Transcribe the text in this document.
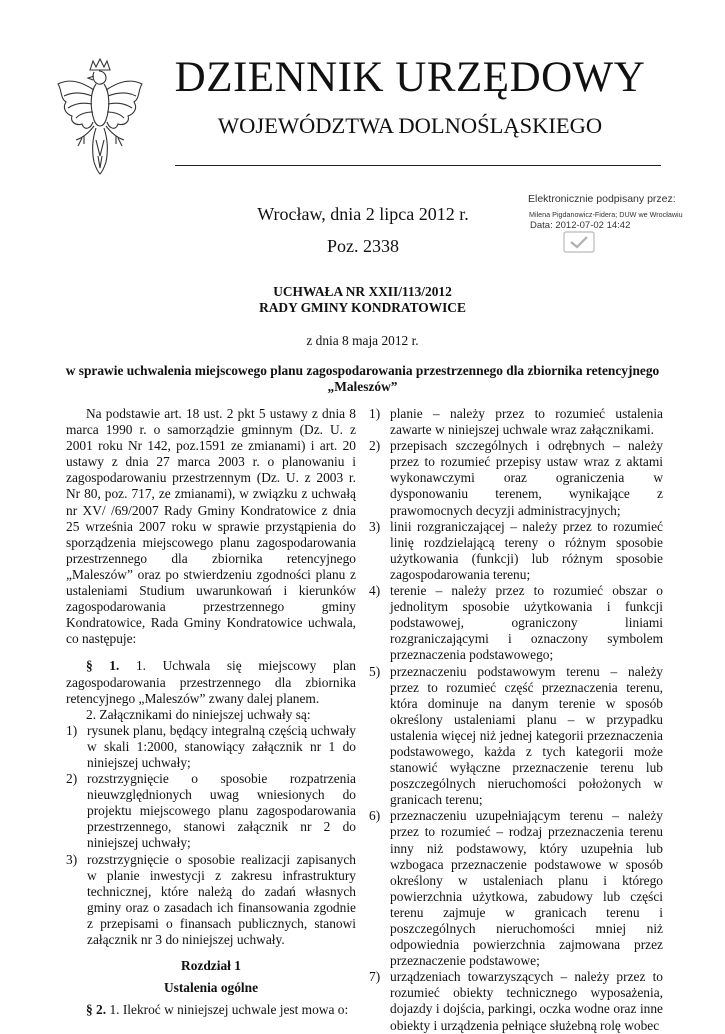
DZIENNIK URZĘDOWY
WOJEWÓDZTWA DOLNOŚLĄSKIEGO
Wrocław, dnia 2 lipca 2012 r.
Poz. 2338
Elektronicznie podpisany przez:
Milena Pigdanowicz-Fidera; DUW we Wrocławiu
Data: 2012-07-02 14:42
UCHWAŁA NR XXII/113/2012
RADY GMINY KONDRATOWICE
z dnia 8 maja 2012 r.
w sprawie uchwalenia miejscowego planu zagospodarowania przestrzennego dla zbiornika retencyjnego
„Maleszów”

Na podstawie art. 18 ust. 2 pkt 5 ustawy z dnia 8 marca 1990 r. o samorządzie gminnym (Dz. U. z 2001 roku Nr 142, poz.1591 ze zmianami) i art. 20 ustawy z dnia 27 marca 2003 r. o planowaniu i zagospodarowaniu przestrzennym (Dz. U. z 2003 r. Nr 80, poz. 717, ze zmianami), w związku z uchwałą nr XV/ /69/2007 Rady Gminy Kondratowice z dnia 25 września 2007 roku w sprawie przystąpienia do sporządzenia miejscowego planu zagospodarowania przestrzennego dla zbiornika retencyjnego „Maleszów” oraz po stwierdzeniu zgodności planu z ustaleniami Studium uwarunkowań i kierunków zagospodarowania przestrzennego gminy Kondratowice, Rada Gminy Kondratowice uchwala, co następuje:

§ 1. 1. Uchwala się miejscowy plan zagospodarowania przestrzennego dla zbiornika retencyjnego „Maleszów” zwany dalej planem.

2. Załącznikami do niniejszej uchwały są:

1) rysunek planu, będący integralną częścią uchwały w skali 1:2000, stanowiący załącznik nr 1 do niniejszej uchwały;
2) rozstrzygnięcie o sposobie rozpatrzenia nieuwzględnionych uwag wniesionych do projektu miejscowego planu zagospodarowania przestrzennego, stanowi załącznik nr 2 do niniejszej uchwały;
3) rozstrzygnięcie o sposobie realizacji zapisanych w planie inwestycji z zakresu infrastruktury technicznej, które należą do zadań własnych gminy oraz o zasadach ich finansowania zgodnie z przepisami o finansach publicznych, stanowi załącznik nr 3 do niniejszej uchwały.

Rozdział 1

Ustalenia ogólne

§ 2. 1. Ilekroć w niniejszej uchwale jest mowa o:

1) planie – należy przez to rozumieć ustalenia zawarte w niniejszej uchwale wraz załącznikami.
2) przepisach szczególnych i odrębnych – należy przez to rozumieć przepisy ustaw wraz z aktami wykonawczymi oraz ograniczenia w dysponowaniu terenem, wynikające z prawomocnych decyzji administracyjnych;
3) linii rozgraniczającej – należy przez to rozumieć linię rozdzielającą tereny o różnym sposobie użytkowania (funkcji) lub różnym sposobie zagospodarowania terenu;
4) terenie – należy przez to rozumieć obszar o jednolitym sposobie użytkowania i funkcji podstawowej, ograniczony liniami rozgraniczającymi i oznaczony symbolem przeznaczenia podstawowego;
5) przeznaczeniu podstawowym terenu – należy przez to rozumieć część przeznaczenia terenu, która dominuje na danym terenie w sposób określony ustaleniami planu – w przypadku ustalenia więcej niż jednej kategorii przeznaczenia podstawowego, każda z tych kategorii może stanowić wyłączne przeznaczenie terenu lub poszczególnych nieruchomości położonych w granicach terenu;
6) przeznaczeniu uzupełniającym terenu – należy przez to rozumieć – rodzaj przeznaczenia terenu inny niż podstawowy, który uzupełnia lub wzbogaca przeznaczenie podstawowe w sposób określony w ustaleniach planu i którego powierzchnia użytkowa, zabudowy lub części terenu zajmuje w granicach terenu i poszczególnych nieruchomości mniej niż odpowiednia powierzchnia zajmowana przez przeznaczenie podstawowe;
7) urządzeniach towarzyszących – należy przez to rozumieć obiekty technicznego wyposażenia, dojazdy i dojścia, parkingi, oczka wodne oraz inne obiekty i urządzenia pełniące służebną rolę wobec
